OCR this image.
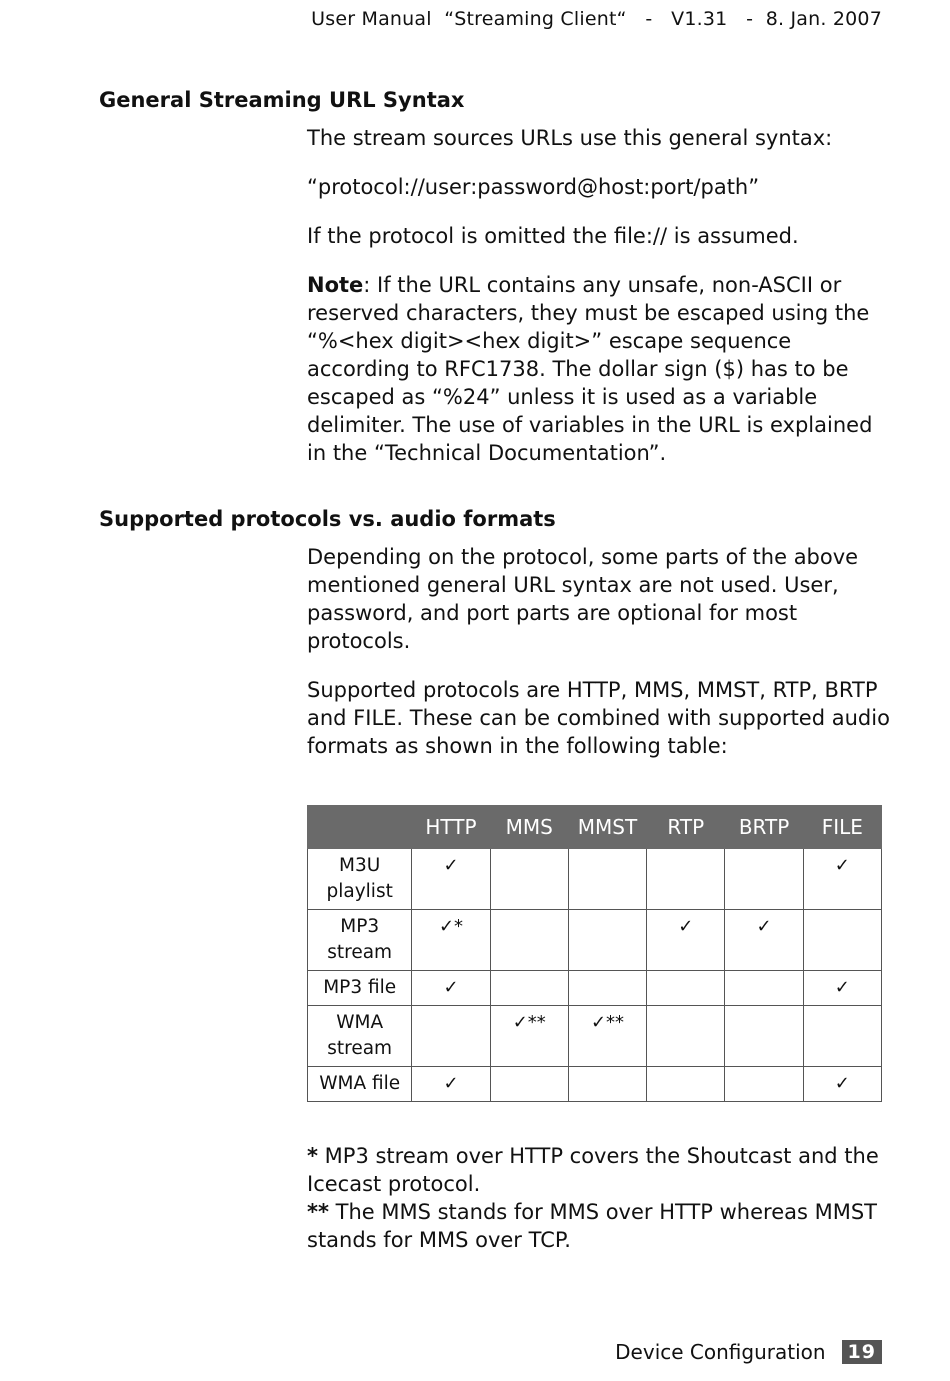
User Manual  “Streaming Client“   -   V1.31   -  8. Jan. 2007
General Streaming URL Syntax

The stream sources URLs use this general syntax:

“protocol://user:password@host:port/path”

If the protocol is omitted the file:// is assumed.

Note: If the URL contains any unsafe, non-ASCII or reserved characters, they must be escaped using the “%<hex digit><hex digit>” escape sequence according to RFC1738. The dollar sign ($) has to be escaped as “%24” unless it is used as a variable delimiter. The use of variables in the URL is explained in the “Technical Documentation”.

Supported protocols vs. audio formats

Depending on the protocol, some parts of the above mentioned general URL syntax are not used. User, password, and port parts are optional for most protocols.

Supported protocols are HTTP, MMS, MMST, RTP, BRTP and FILE. These can be combined with supported audio formats as shown in the following table:

	HTTP	MMS	MMST	RTP	BRTP	FILE
M3U playlist	✓					✓
MP3 stream	✓*			✓	✓	
MP3 file	✓					✓
WMA stream		✓**	✓**			
WMA file	✓					✓

* MP3 stream over HTTP covers the Shoutcast and the Icecast protocol.

** The MMS stands for MMS over HTTP whereas MMST stands for MMS over TCP.

Device Configuration	19
